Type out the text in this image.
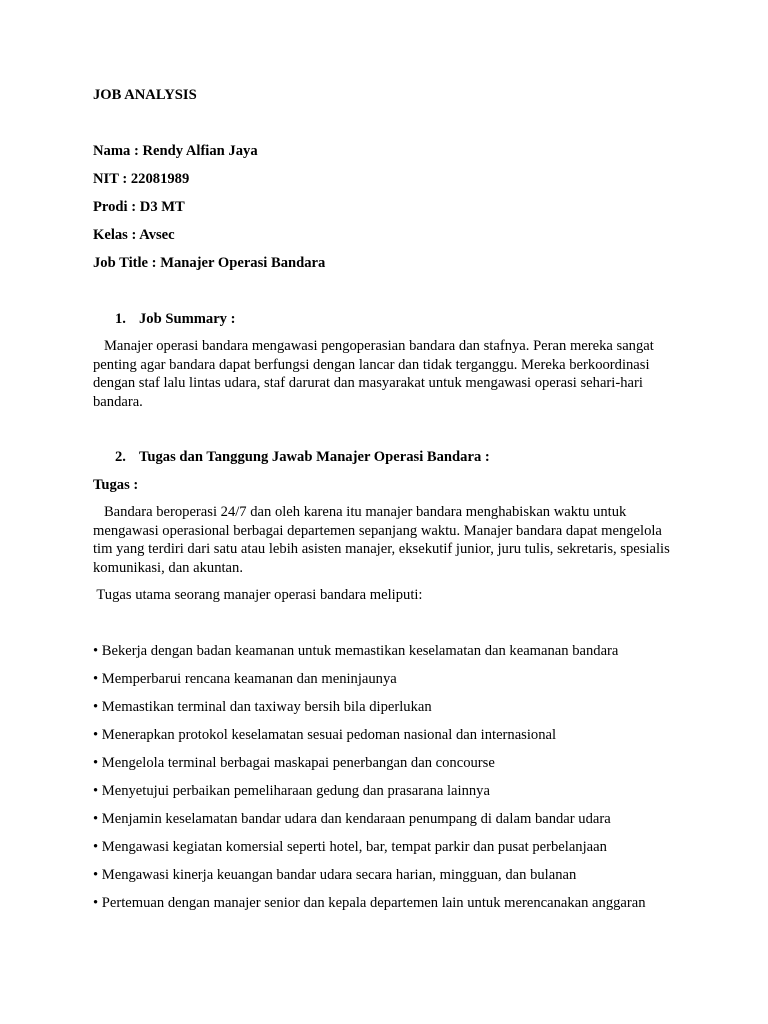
JOB ANALYSIS

Nama : Rendy Alfian Jaya

NIT : 22081989

Prodi : D3 MT

Kelas : Avsec

Job Title : Manajer Operasi Bandara

1. Job Summary :

Manajer operasi bandara mengawasi pengoperasian bandara dan stafnya. Peran mereka sangat penting agar bandara dapat berfungsi dengan lancar dan tidak terganggu. Mereka berkoordinasi dengan staf lalu lintas udara, staf darurat dan masyarakat untuk mengawasi operasi sehari-hari bandara.

2. Tugas dan Tanggung Jawab Manajer Operasi Bandara :

Tugas :

Bandara beroperasi 24/7 dan oleh karena itu manajer bandara menghabiskan waktu untuk mengawasi operasional berbagai departemen sepanjang waktu. Manajer bandara dapat mengelola tim yang terdiri dari satu atau lebih asisten manajer, eksekutif junior, juru tulis, sekretaris, spesialis komunikasi, dan akuntan.

Tugas utama seorang manajer operasi bandara meliputi:

• Bekerja dengan badan keamanan untuk memastikan keselamatan dan keamanan bandara

• Memperbarui rencana keamanan dan meninjaunya

• Memastikan terminal dan taxiway bersih bila diperlukan

• Menerapkan protokol keselamatan sesuai pedoman nasional dan internasional

• Mengelola terminal berbagai maskapai penerbangan dan concourse

• Menyetujui perbaikan pemeliharaan gedung dan prasarana lainnya

• Menjamin keselamatan bandar udara dan kendaraan penumpang di dalam bandar udara

• Mengawasi kegiatan komersial seperti hotel, bar, tempat parkir dan pusat perbelanjaan

• Mengawasi kinerja keuangan bandar udara secara harian, mingguan, dan bulanan

• Pertemuan dengan manajer senior dan kepala departemen lain untuk merencanakan anggaran
